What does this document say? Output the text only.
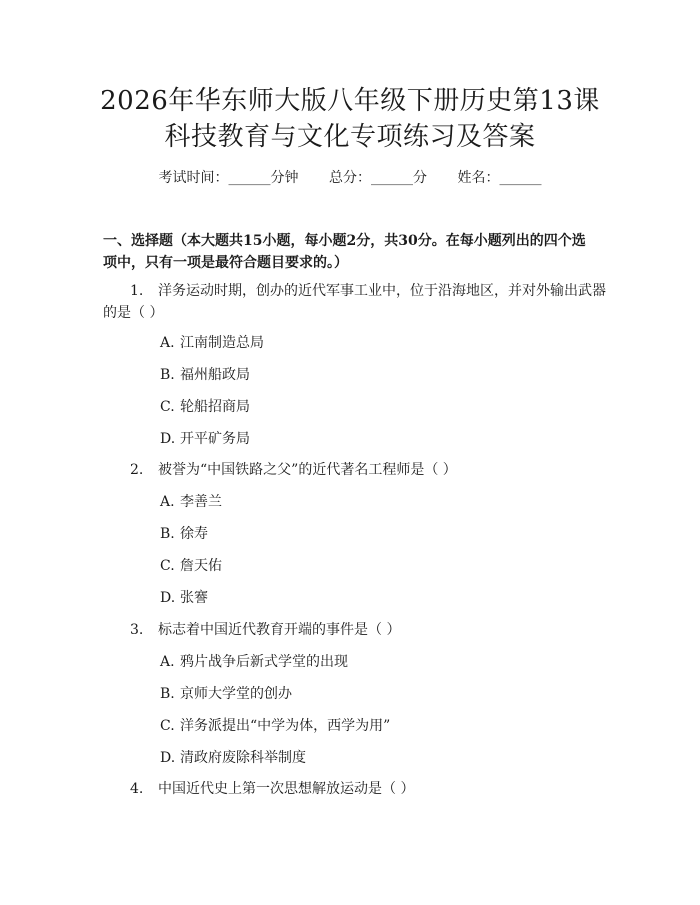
2026年华东师大版八年级下册历史第13课
科技教育与文化专项练习及答案
考试时间：______分钟 总分：______分 姓名：______
一、选择题（本大题共15小题，每小题2分，共30分。在每小题列出的四个选
项中，只有一项是最符合题目要求的。）
1. 洋务运动时期，创办的近代军事工业中，位于沿海地区，并对外输出武器
的是（ ）
A. 江南制造总局
B. 福州船政局
C. 轮船招商局
D. 开平矿务局
2. 被誉为“中国铁路之父”的近代著名工程师是（ ）
A. 李善兰
B. 徐寿
C. 詹天佑
D. 张謇
3. 标志着中国近代教育开端的事件是（ ）
A. 鸦片战争后新式学堂的出现
B. 京师大学堂的创办
C. 洋务派提出“中学为体，西学为用”
D. 清政府废除科举制度
4. 中国近代史上第一次思想解放运动是（ ）
